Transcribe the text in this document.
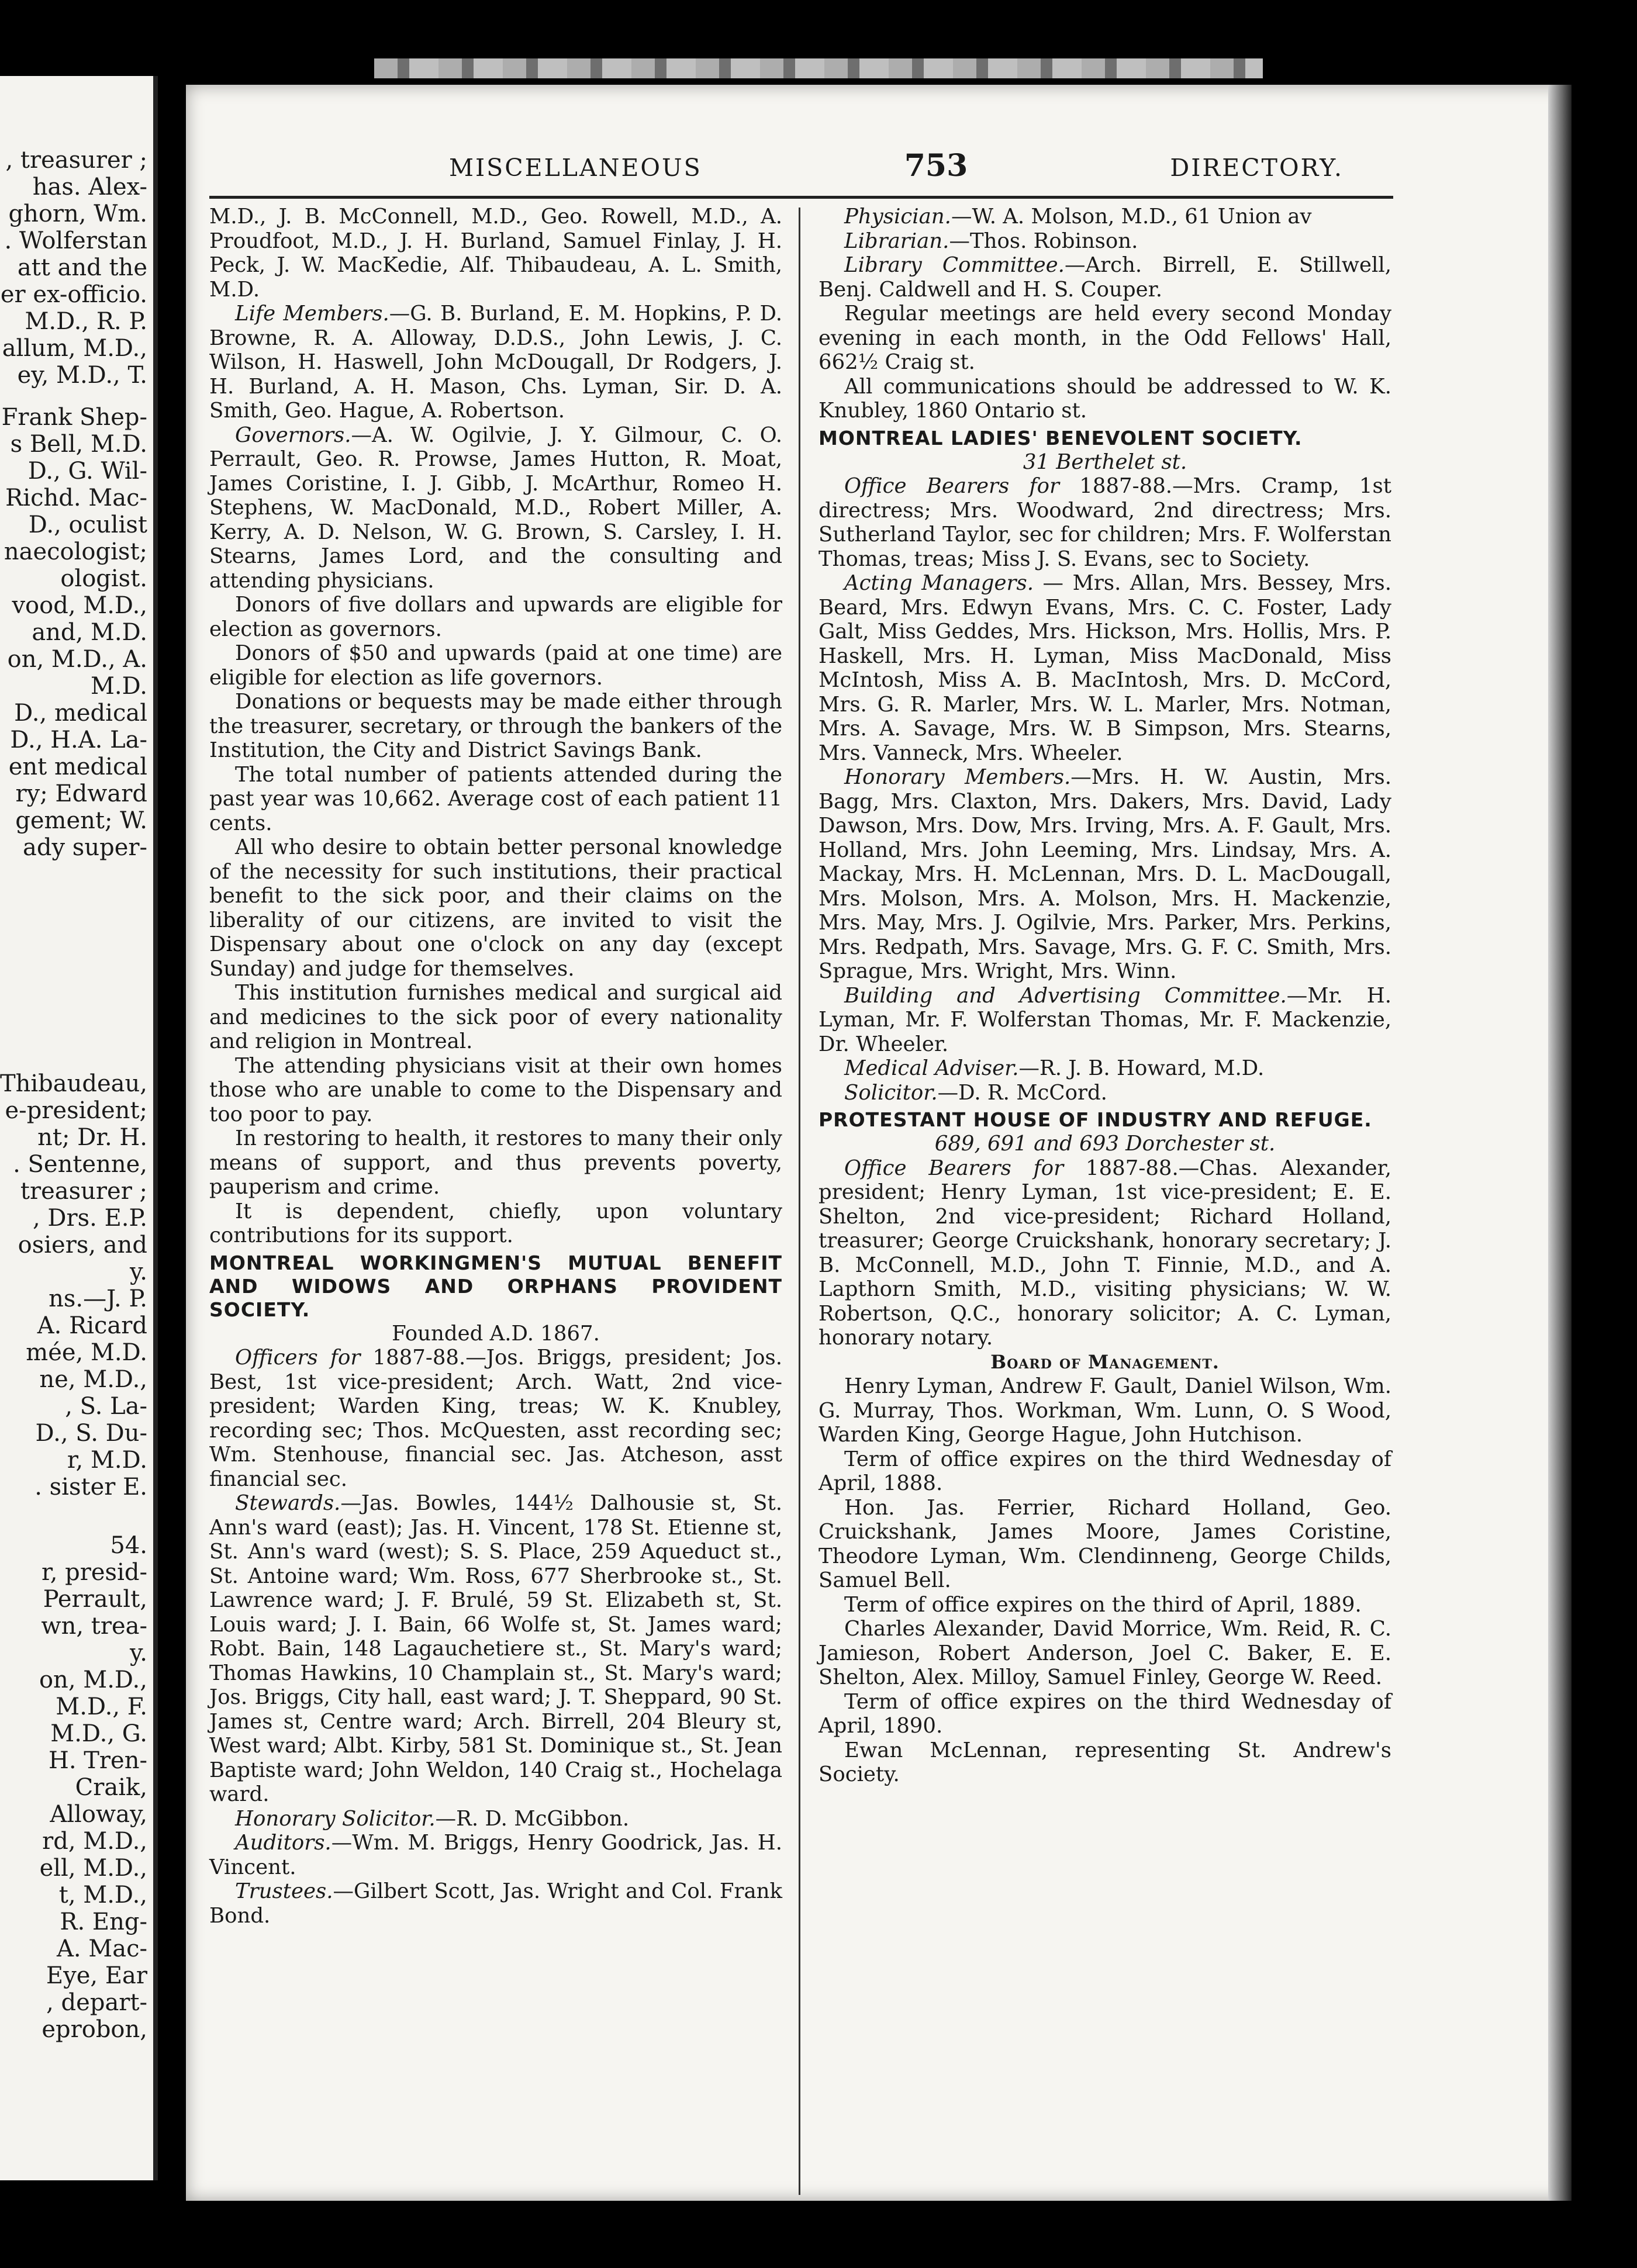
, treasurer ;
has. Alex-
ghorn, Wm.
. Wolferstan
att and the
er ex-officio.
M.D., R. P.
allum, M.D.,
ey, M.D., T.
Frank Shep-
s Bell, M.D.
D., G. Wil-
Richd. Mac-
D., oculist
naecologist;
ologist.
vood, M.D.,
and, M.D.
on, M.D., A.
M.D.
D., medical
D., H.A. La-
ent medical
ry; Edward
gement; W.
ady super-
Thibaudeau,
e-president;
nt; Dr. H.
. Sentenne,
treasurer ;
, Drs. E.P.
osiers, and
y.
ns.—J. P.
A. Ricard
mée, M.D.
ne, M.D.,
, S. La-
D., S. Du-
r, M.D.
. sister E.
54.
r, presid-
Perrault,
wn, trea-
y.
on, M.D.,
M.D., F.
M.D., G.
H. Tren-
Craik,
Alloway,
rd, M.D.,
ell, M.D.,
t, M.D.,
R. Eng-
A. Mac-
Eye, Ear
, depart-
eprobon,
MISCELLANEOUS	753	DIRECTORY.

M.D., J. B. McConnell, M.D., Geo. Rowell, M.D., A. Proudfoot, M.D., J. H. Burland, Samuel Finlay, J. H. Peck, J. W. MacKedie, Alf. Thibaudeau, A. L. Smith, M.D.

Life Members.—G. B. Burland, E. M. Hopkins, P. D. Browne, R. A. Alloway, D.D.S., John Lewis, J. C. Wilson, H. Haswell, John McDougall, Dr Rodgers, J. H. Burland, A. H. Mason, Chs. Lyman, Sir. D. A. Smith, Geo. Hague, A. Robertson.

Governors.—A. W. Ogilvie, J. Y. Gilmour, C. O. Perrault, Geo. R. Prowse, James Hutton, R. Moat, James Coristine, I. J. Gibb, J. McArthur, Romeo H. Stephens, W. MacDonald, M.D., Robert Miller, A. Kerry, A. D. Nelson, W. G. Brown, S. Carsley, I. H. Stearns, James Lord, and the consulting and attending physicians.

Donors of five dollars and upwards are eligible for election as governors.

Donors of $50 and upwards (paid at one time) are eligible for election as life governors.

Donations or bequests may be made either through the treasurer, secretary, or through the bankers of the Institution, the City and District Savings Bank.

The total number of patients attended during the past year was 10,662. Average cost of each patient 11 cents.

All who desire to obtain better personal knowledge of the necessity for such institutions, their practical benefit to the sick poor, and their claims on the liberality of our citizens, are invited to visit the Dispensary about one o'clock on any day (except Sunday) and judge for themselves.

This institution furnishes medical and surgical aid and medicines to the sick poor of every nationality and religion in Montreal.

The attending physicians visit at their own homes those who are unable to come to the Dispensary and too poor to pay.

In restoring to health, it restores to many their only means of support, and thus prevents poverty, pauperism and crime.

It is dependent, chiefly, upon voluntary contributions for its support.

MONTREAL WORKINGMEN'S MUTUAL BENEFIT AND WIDOWS AND ORPHANS PROVIDENT SOCIETY.

Founded A.D. 1867.

Officers for 1887-88.—Jos. Briggs, president; Jos. Best, 1st vice-president; Arch. Watt, 2nd vice-president; Warden King, treas; W. K. Knubley, recording sec; Thos. McQuesten, asst recording sec; Wm. Stenhouse, financial sec. Jas. Atcheson, asst financial sec.

Stewards.—Jas. Bowles, 144½ Dalhousie st, St. Ann's ward (east); Jas. H. Vincent, 178 St. Etienne st, St. Ann's ward (west); S. S. Place, 259 Aqueduct st., St. Antoine ward; Wm. Ross, 677 Sherbrooke st., St. Lawrence ward; J. F. Brulé, 59 St. Elizabeth st, St. Louis ward; J. I. Bain, 66 Wolfe st, St. James ward; Robt. Bain, 148 Lagauchetiere st., St. Mary's ward; Thomas Hawkins, 10 Champlain st., St. Mary's ward; Jos. Briggs, City hall, east ward; J. T. Sheppard, 90 St. James st, Centre ward; Arch. Birrell, 204 Bleury st, West ward; Albt. Kirby, 581 St. Dominique st., St. Jean Baptiste ward; John Weldon, 140 Craig st., Hochelaga ward.

Honorary Solicitor.—R. D. McGibbon.

Auditors.—Wm. M. Briggs, Henry Goodrick, Jas. H. Vincent.

Trustees.—Gilbert Scott, Jas. Wright and Col. Frank Bond.

Physician.—W. A. Molson, M.D., 61 Union av

Librarian.—Thos. Robinson.

Library Committee.—Arch. Birrell, E. Stillwell, Benj. Caldwell and H. S. Couper.

Regular meetings are held every second Monday evening in each month, in the Odd Fellows' Hall, 662½ Craig st.

All communications should be addressed to W. K. Knubley, 1860 Ontario st.

MONTREAL LADIES' BENEVOLENT SOCIETY.

31 Berthelet st.

Office Bearers for 1887-88.—Mrs. Cramp, 1st directress; Mrs. Woodward, 2nd directress; Mrs. Sutherland Taylor, sec for children; Mrs. F. Wolferstan Thomas, treas; Miss J. S. Evans, sec to Society.

Acting Managers. — Mrs. Allan, Mrs. Bessey, Mrs. Beard, Mrs. Edwyn Evans, Mrs. C. C. Foster, Lady Galt, Miss Geddes, Mrs. Hickson, Mrs. Hollis, Mrs. P. Haskell, Mrs. H. Lyman, Miss MacDonald, Miss McIntosh, Miss A. B. MacIntosh, Mrs. D. McCord, Mrs. G. R. Marler, Mrs. W. L. Marler, Mrs. Notman, Mrs. A. Savage, Mrs. W. B Simpson, Mrs. Stearns, Mrs. Vanneck, Mrs. Wheeler.

Honorary Members.—Mrs. H. W. Austin, Mrs. Bagg, Mrs. Claxton, Mrs. Dakers, Mrs. David, Lady Dawson, Mrs. Dow, Mrs. Irving, Mrs. A. F. Gault, Mrs. Holland, Mrs. John Leeming, Mrs. Lindsay, Mrs. A. Mackay, Mrs. H. McLennan, Mrs. D. L. MacDougall, Mrs. Molson, Mrs. A. Molson, Mrs. H. Mackenzie, Mrs. May, Mrs. J. Ogilvie, Mrs. Parker, Mrs. Perkins, Mrs. Redpath, Mrs. Savage, Mrs. G. F. C. Smith, Mrs. Sprague, Mrs. Wright, Mrs. Winn.

Building and Advertising Committee.—Mr. H. Lyman, Mr. F. Wolferstan Thomas, Mr. F. Mackenzie, Dr. Wheeler.

Medical Adviser.—R. J. B. Howard, M.D.

Solicitor.—D. R. McCord.

PROTESTANT HOUSE OF INDUSTRY AND REFUGE.

689, 691 and 693 Dorchester st.

Office Bearers for 1887-88.—Chas. Alexander, president; Henry Lyman, 1st vice-president; E. E. Shelton, 2nd vice-president; Richard Holland, treasurer; George Cruickshank, honorary secretary; J. B. McConnell, M.D., John T. Finnie, M.D., and A. Lapthorn Smith, M.D., visiting physicians; W. W. Robertson, Q.C., honorary solicitor; A. C. Lyman, honorary notary.

Board of Management.

Henry Lyman, Andrew F. Gault, Daniel Wilson, Wm. G. Murray, Thos. Workman, Wm. Lunn, O. S Wood, Warden King, George Hague, John Hutchison.

Term of office expires on the third Wednesday of April, 1888.

Hon. Jas. Ferrier, Richard Holland, Geo. Cruickshank, James Moore, James Coristine, Theodore Lyman, Wm. Clendinneng, George Childs, Samuel Bell.

Term of office expires on the third of April, 1889.

Charles Alexander, David Morrice, Wm. Reid, R. C. Jamieson, Robert Anderson, Joel C. Baker, E. E. Shelton, Alex. Milloy, Samuel Finley, George W. Reed.

Term of office expires on the third Wednesday of April, 1890.

Ewan McLennan, representing St. Andrew's Society.
